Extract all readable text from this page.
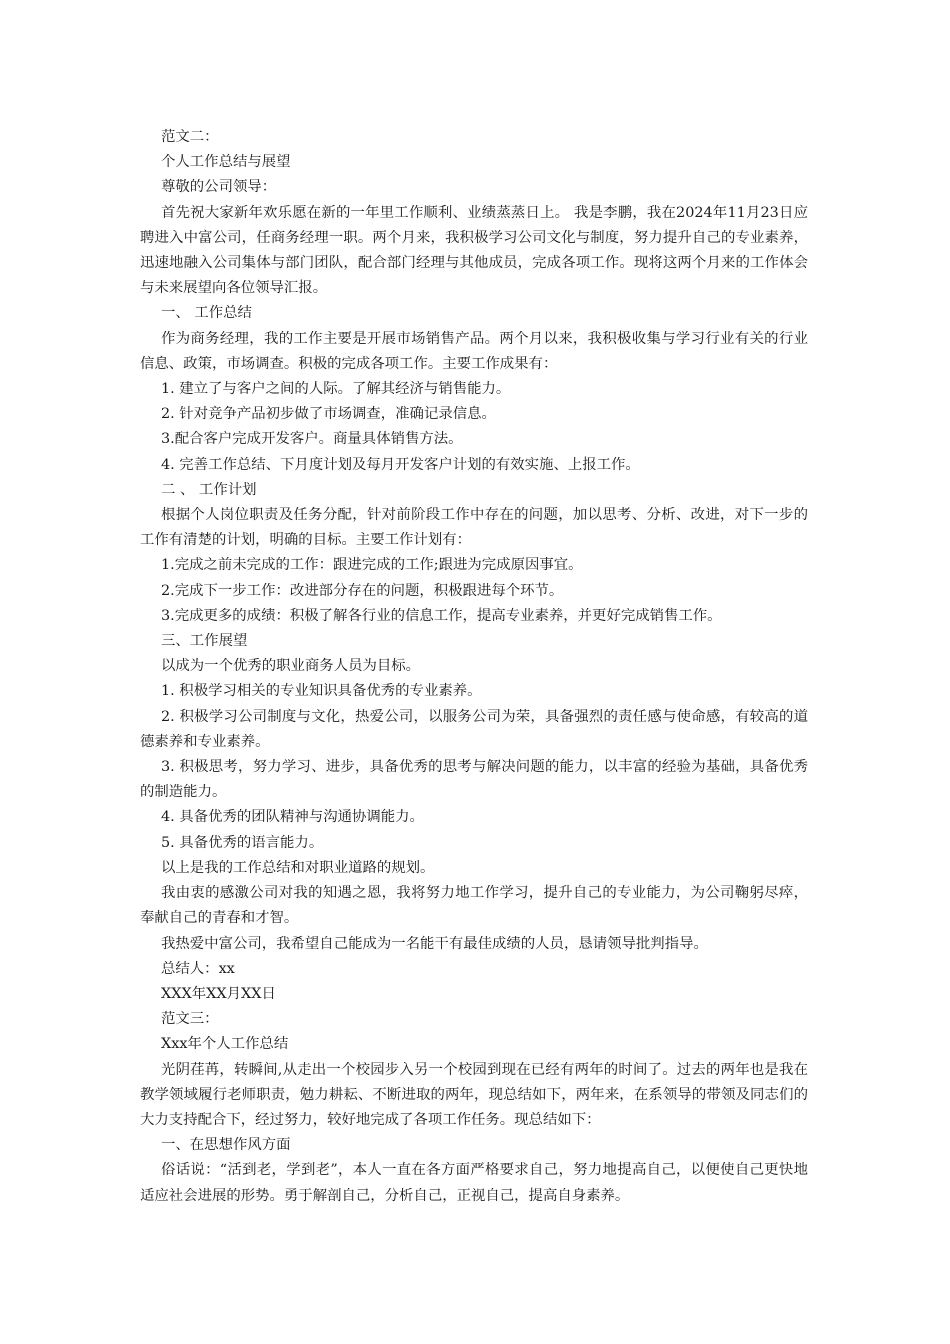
范文二：

个人工作总结与展望

尊敬的公司领导：

首先祝大家新年欢乐愿在新的一年里工作顺利、业绩蒸蒸日上。 我是李鹏，我在2024年11月23日应聘进入中富公司，任商务经理一职。两个月来，我积极学习公司文化与制度，努力提升自己的专业素养，迅速地融入公司集体与部门团队，配合部门经理与其他成员，完成各项工作。现将这两个月来的工作体会与未来展望向各位领导汇报。

一、 工作总结

作为商务经理，我的工作主要是开展市场销售产品。两个月以来，我积极收集与学习行业有关的行业信息、政策，市场调查。积极的完成各项工作。主要工作成果有：

1. 建立了与客户之间的人际。了解其经济与销售能力。

2. 针对竞争产品初步做了市场调查，准确记录信息。

3.配合客户完成开发客户。商量具体销售方法。

4. 完善工作总结、下月度计划及每月开发客户计划的有效实施、上报工作。

二 、 工作计划

根据个人岗位职责及任务分配，针对前阶段工作中存在的问题，加以思考、分析、改进，对下一步的工作有清楚的计划，明确的目标。主要工作计划有：

1.完成之前未完成的工作：跟进完成的工作;跟进为完成原因事宜。

2.完成下一步工作：改进部分存在的问题，积极跟进每个环节。

3.完成更多的成绩：积极了解各行业的信息工作，提高专业素养，并更好完成销售工作。

三、工作展望

以成为一个优秀的职业商务人员为目标。

1. 积极学习相关的专业知识具备优秀的专业素养。

2. 积极学习公司制度与文化，热爱公司，以服务公司为荣，具备强烈的责任感与使命感，有较高的道德素养和专业素养。

3. 积极思考，努力学习、进步，具备优秀的思考与解决问题的能力，以丰富的经验为基础，具备优秀的制造能力。

4. 具备优秀的团队精神与沟通协调能力。

5. 具备优秀的语言能力。

以上是我的工作总结和对职业道路的规划。

我由衷的感激公司对我的知遇之恩，我将努力地工作学习，提升自己的专业能力，为公司鞠躬尽瘁，奉献自己的青春和才智。

我热爱中富公司，我希望自己能成为一名能干有最佳成绩的人员，恳请领导批判指导。

总结人：xx

XXX年XX月XX日

范文三：

Xxx年个人工作总结

光阴荏苒，转瞬间,从走出一个校园步入另一个校园到现在已经有两年的时间了。过去的两年也是我在教学领域履行老师职责，勉力耕耘、不断进取的两年，现总结如下，两年来，在系领导的带领及同志们的大力支持配合下，经过努力，较好地完成了各项工作任务。现总结如下：

一、在思想作风方面

俗话说：“活到老，学到老”，本人一直在各方面严格要求自己，努力地提高自己，以便使自己更快地适应社会进展的形势。勇于解剖自己，分析自己，正视自己，提高自身素养。
